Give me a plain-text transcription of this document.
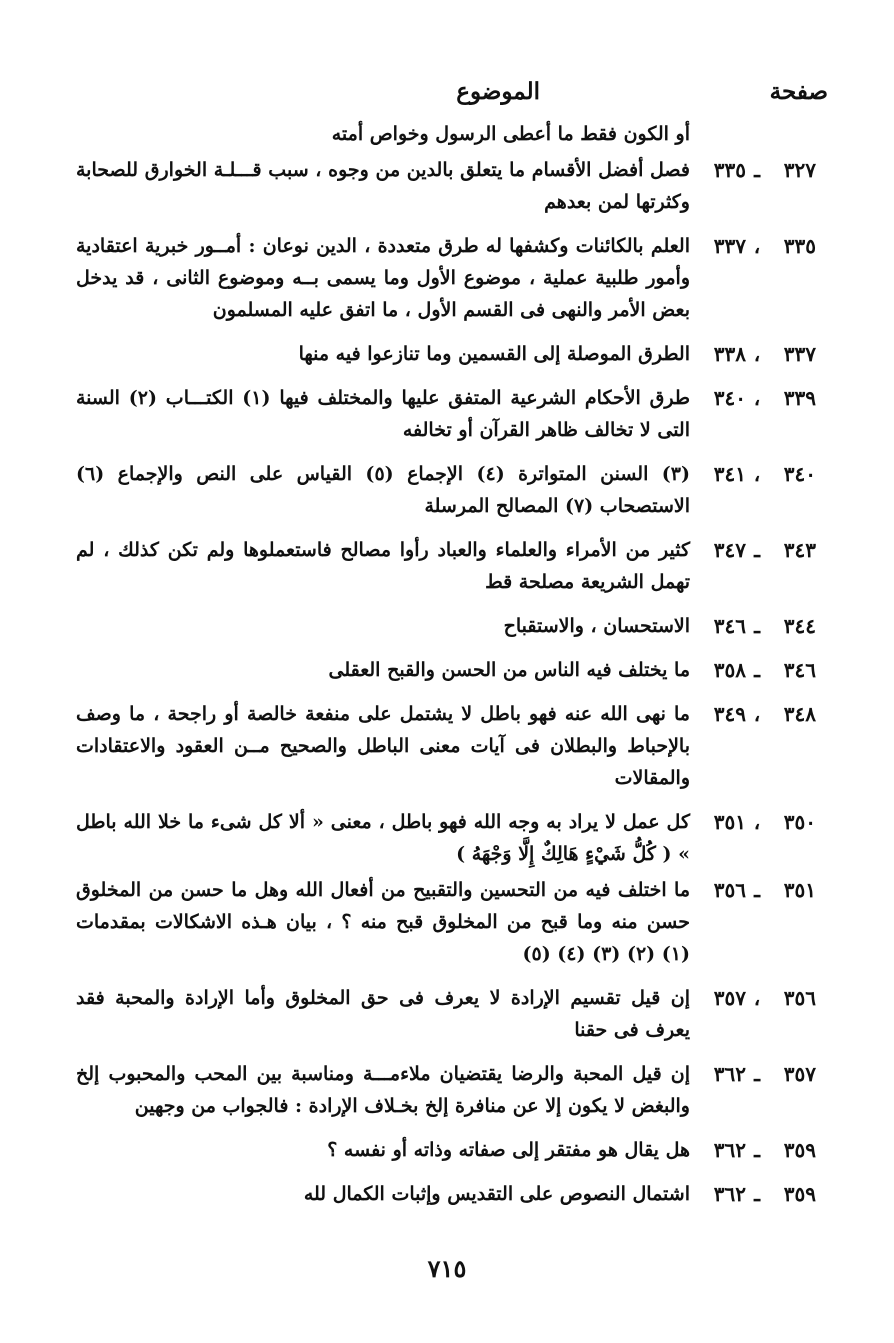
صفحة
الموضوع
أو الكون فقط ما أعطى الرسول وخواص أمته
٣٢٧ـ٣٣٥
فصل أفضل الأقسام ما يتعلق بالدين من وجوه ، سبب قـــلـة الخوارق للصحابة وكثرتها لمن بعدهم
٣٣٥،٣٣٧
العلم بالكائنات وكشفها له طرق متعددة ، الدين نوعان : أمــور خبرية اعتقادية وأمور طلبية عملية ، موضوع الأول وما يسمى بــه وموضوع الثانى ، قد يدخل بعض الأمر والنهى فى القسم الأول ، ما اتفق عليه المسلمون
٣٣٧،٣٣٨
الطرق الموصلة إلى القسمين وما تنازعوا فيه منها
٣٣٩،٣٤٠
طرق الأحكام الشرعية المتفق عليها والمختلف فيها (١) الكتـــاب (٢) السنة التى لا تخالف ظاهر القرآن أو تخالفه
٣٤٠،٣٤١
(٣) السنن المتواترة (٤) الإجماع (٥) القياس على النص والإجماع (٦) الاستصحاب (٧) المصالح المرسلة
٣٤٣ـ٣٤٧
كثير من الأمراء والعلماء والعباد رأوا مصالح فاستعملوها ولم تكن كذلك ، لم تهمل الشريعة مصلحة قط
٣٤٤ـ٣٤٦
الاستحسان ، والاستقباح
٣٤٦ـ٣٥٨
ما يختلف فيه الناس من الحسن والقبح العقلى
٣٤٨،٣٤٩
ما نهى الله عنه فهو باطل لا يشتمل على منفعة خالصة أو راجحة ، ما وصف بالإحباط والبطلان فى آيات معنى الباطل والصحيح مــن العقود والاعتقادات والمقالات
٣٥٠،٣٥١
كل عمل لا يراد به وجه الله فهو باطل ، معنى « ألا كل شىء ما خلا الله باطل » ( كُلُّ شَيْءٍ هَالِكٌ إِلَّا وَجْهَهُ )
٣٥١ـ٣٥٦
ما اختلف فيه من التحسين والتقبيح من أفعال الله وهل ما حسن من المخلوق حسن منه وما قبح من المخلوق قبح منه ؟ ، بيان هـذه الاشكالات بمقدمات (١) (٢) (٣) (٤) (٥)
٣٥٦،٣٥٧
إن قيل تقسيم الإرادة لا يعرف فى حق المخلوق وأما الإرادة والمحبة فقد يعرف فى حقنا
٣٥٧ـ٣٦٢
إن قيل المحبة والرضا يقتضيان ملاءمـــة ومناسبة بين المحب والمحبوب إلخ والبغض لا يكون إلا عن منافرة إلخ بخـلاف الإرادة : فالجواب من وجهين
٣٥٩ـ٣٦٢
هل يقال هو مفتقر إلى صفاته وذاته أو نفسه ؟
٣٥٩ـ٣٦٢
اشتمال النصوص على التقديس وإثبات الكمال لله
٧١٥
